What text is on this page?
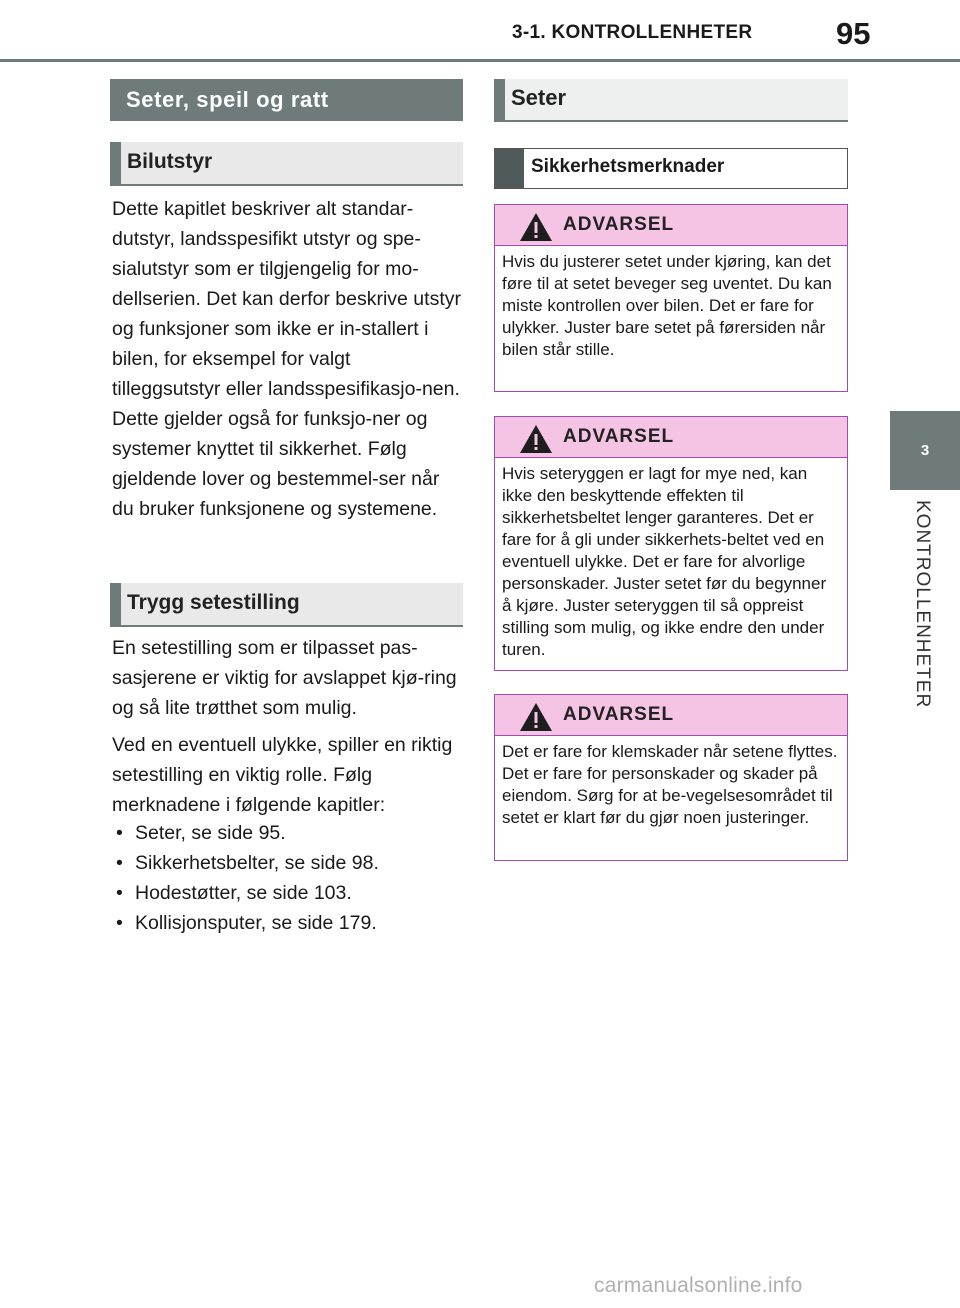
3-1. KONTROLLENHETER	95
3
KONTROLLENHETER
Seter, speil og ratt
Bilutstyr
Dette kapitlet beskriver alt standar-dutstyr, landsspesifikt utstyr og spe-sialutstyr som er tilgjengelig for mo-dellserien. Det kan derfor beskrive utstyr og funksjoner som ikke er in-stallert i bilen, for eksempel for valgt tilleggsutstyr eller landsspesifikasjo-nen. Dette gjelder også for funksjo-ner og systemer knyttet til sikkerhet. Følg gjeldende lover og bestemmel-ser når du bruker funksjonene og systemene.
Trygg setestilling
En setestilling som er tilpasset pas-sasjerene er viktig for avslappet kjø-ring og så lite trøtthet som mulig.
Ved en eventuell ulykke, spiller en riktig setestilling en viktig rolle. Følg merknadene i følgende kapitler:
• Seter, se side 95.
• Sikkerhetsbelter, se side 98.
• Hodestøtter, se side 103.
• Kollisjonsputer, se side 179.
Seter
Sikkerhetsmerknader
ADVARSEL
Hvis du justerer setet under kjøring, kan det føre til at setet beveger seg uventet. Du kan miste kontrollen over bilen. Det er fare for ulykker. Juster bare setet på førersiden når bilen står stille.
ADVARSEL
Hvis seteryggen er lagt for mye ned, kan ikke den beskyttende effekten til sikkerhetsbeltet lenger garanteres. Det er fare for å gli under sikkerhets-beltet ved en eventuell ulykke. Det er fare for alvorlige personskader. Juster setet før du begynner å kjøre. Juster seteryggen til så oppreist stilling som mulig, og ikke endre den under turen.
ADVARSEL
Det er fare for klemskader når setene flyttes. Det er fare for personskader og skader på eiendom. Sørg for at be-vegelsesområdet til setet er klart før du gjør noen justeringer.
carmanualsonline.info
